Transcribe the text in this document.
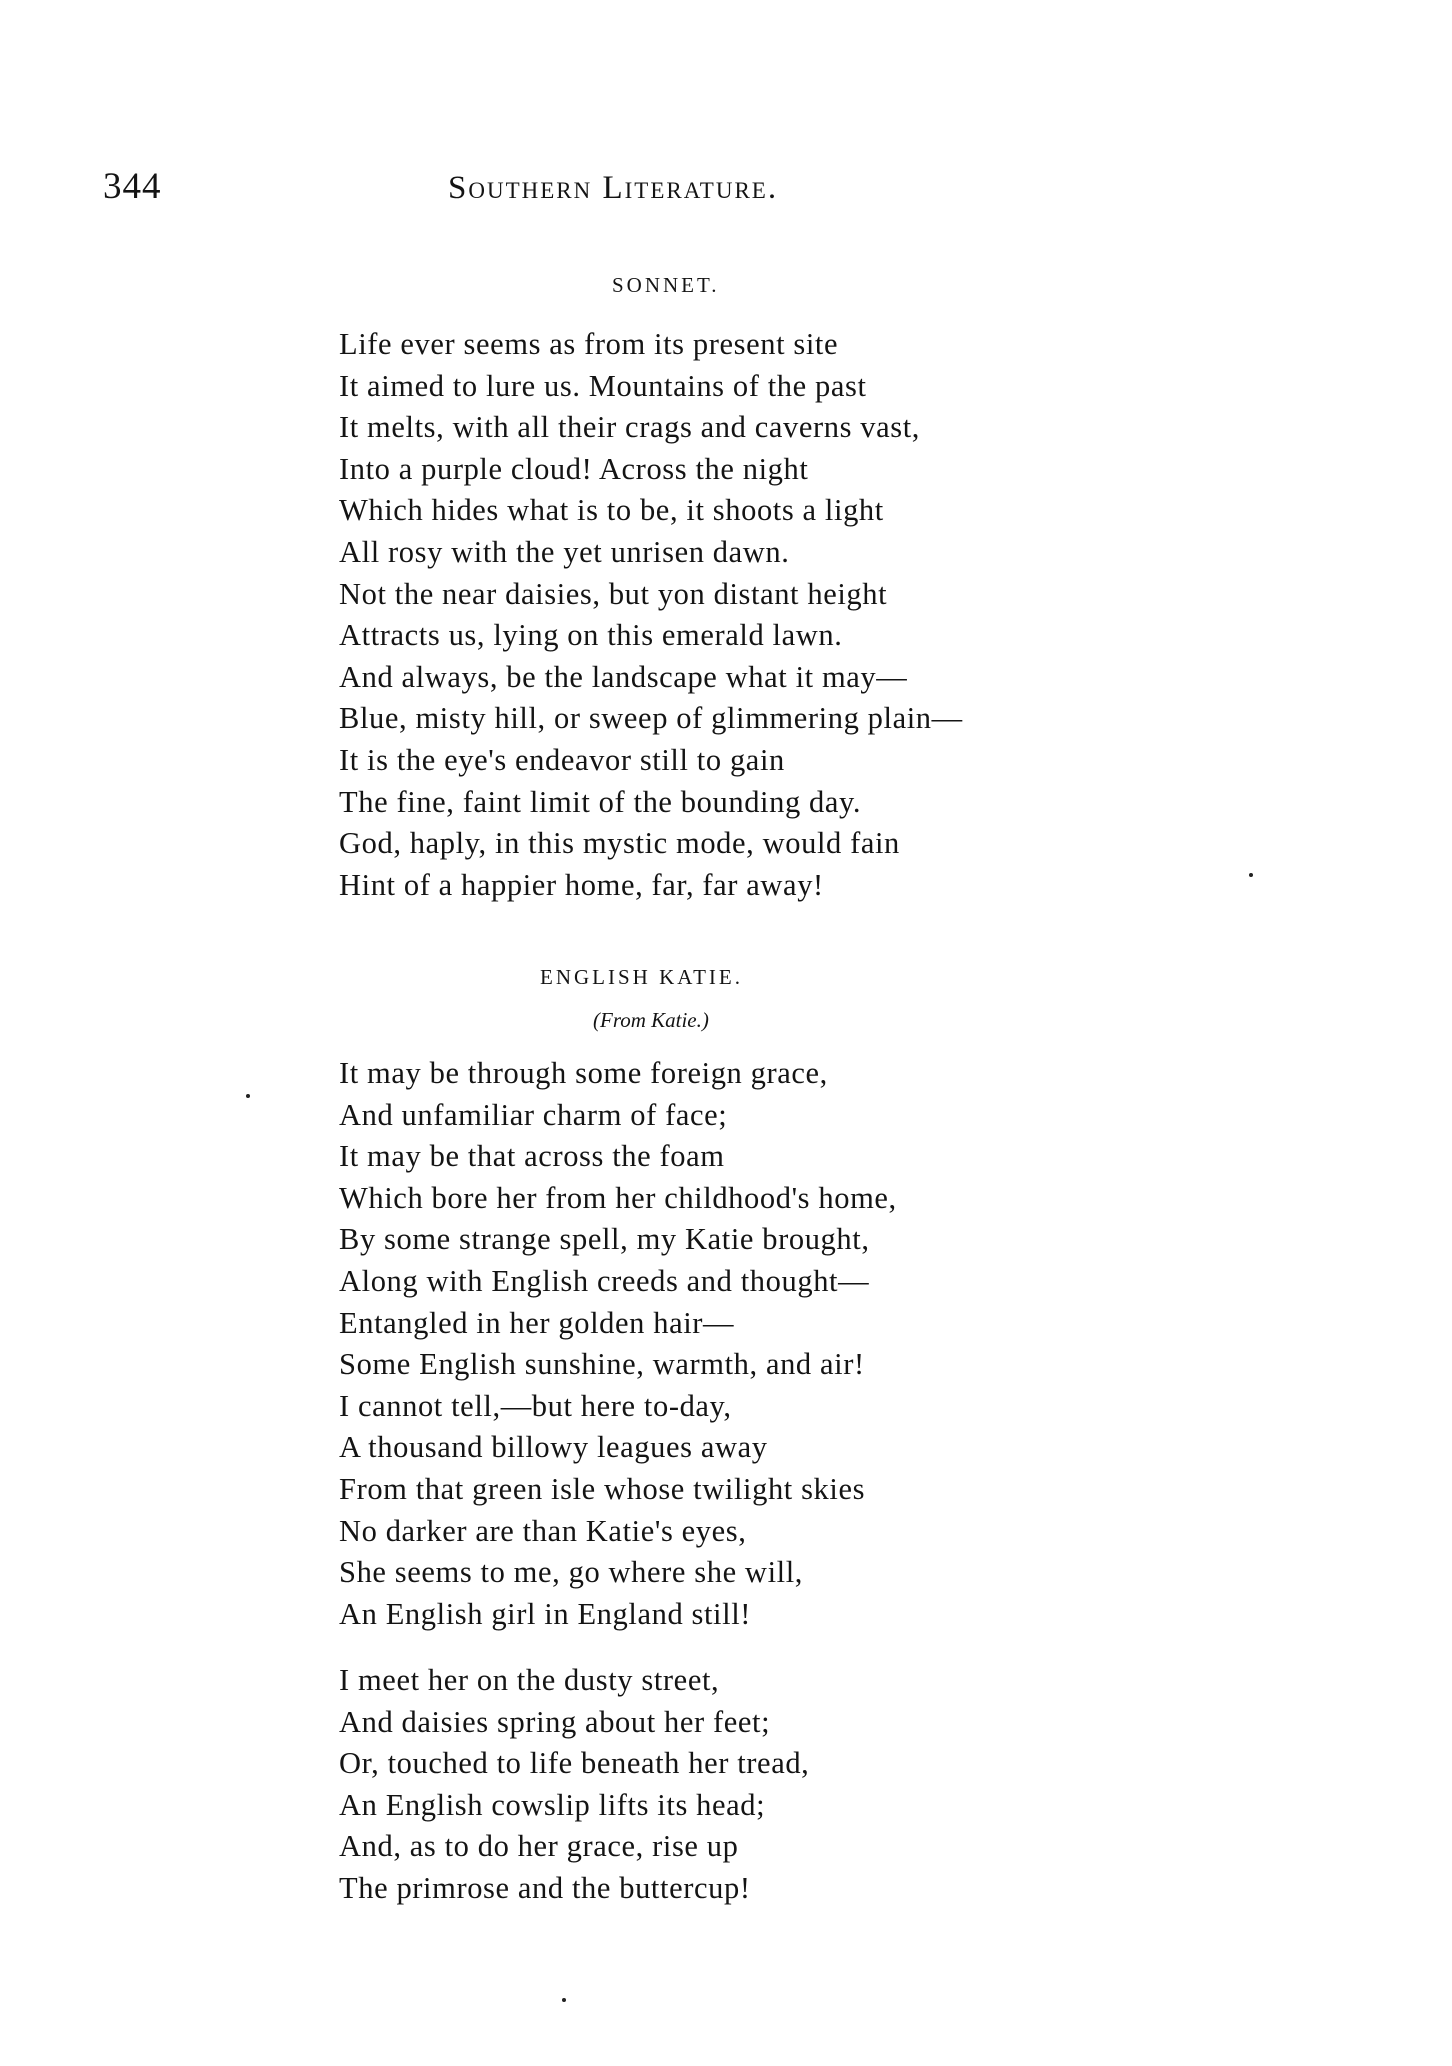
344	Southern Literature.
SONNET.
Life ever seems as from its present site
It aimed to lure us. Mountains of the past
It melts, with all their crags and caverns vast,
Into a purple cloud! Across the night
Which hides what is to be, it shoots a light
All rosy with the yet unrisen dawn.
Not the near daisies, but yon distant height
Attracts us, lying on this emerald lawn.
And always, be the landscape what it may—
Blue, misty hill, or sweep of glimmering plain—
It is the eye's endeavor still to gain
The fine, faint limit of the bounding day.
God, haply, in this mystic mode, would fain
Hint of a happier home, far, far away!
ENGLISH KATIE.
(From Katie.)
It may be through some foreign grace,
And unfamiliar charm of face;
It may be that across the foam
Which bore her from her childhood's home,
By some strange spell, my Katie brought,
Along with English creeds and thought—
Entangled in her golden hair—
Some English sunshine, warmth, and air!
I cannot tell,—but here to-day,
A thousand billowy leagues away
From that green isle whose twilight skies
No darker are than Katie's eyes,
She seems to me, go where she will,
An English girl in England still!
I meet her on the dusty street,
And daisies spring about her feet;
Or, touched to life beneath her tread,
An English cowslip lifts its head;
And, as to do her grace, rise up
The primrose and the buttercup!
